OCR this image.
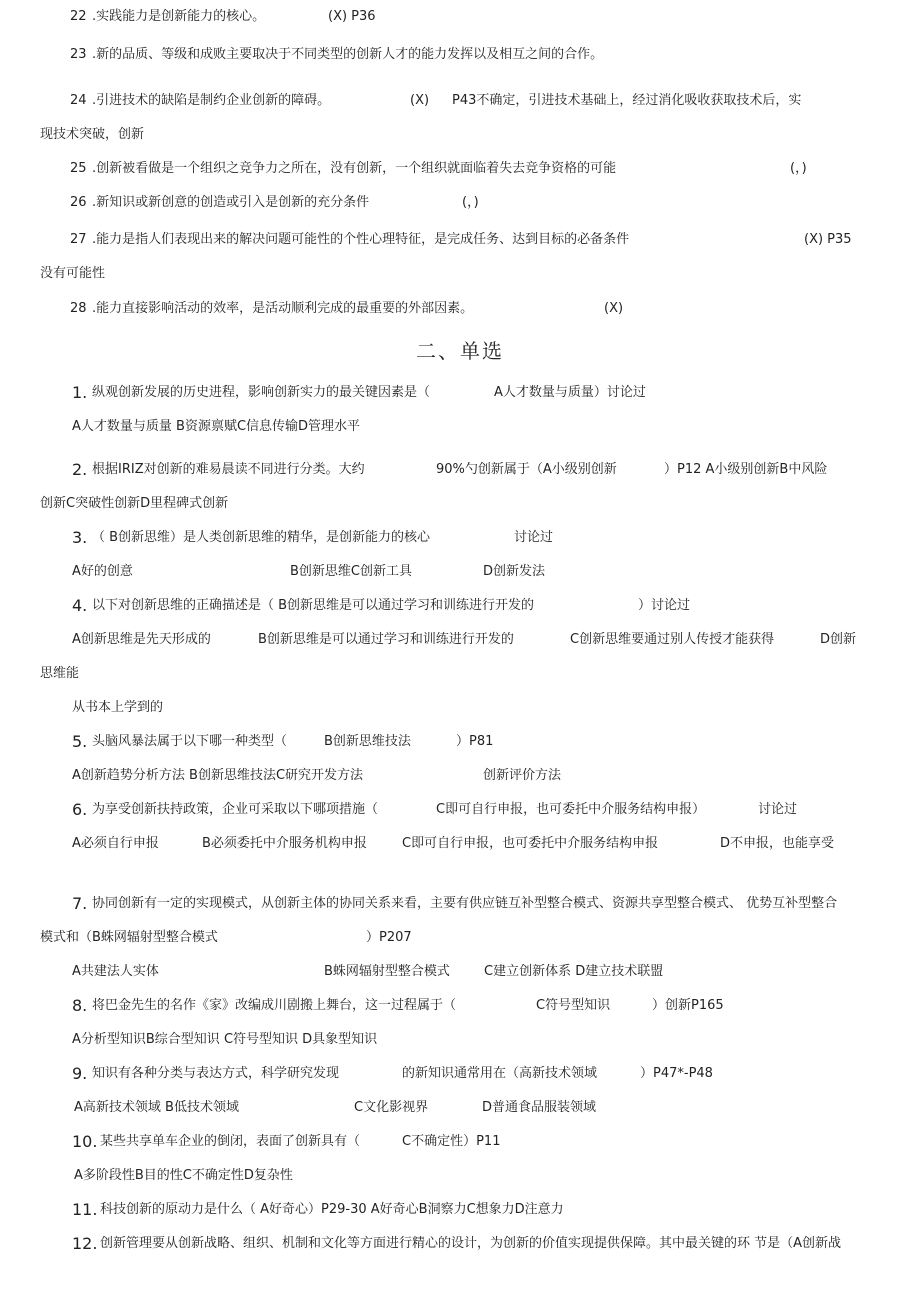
22 .实践能力是创新能力的核心。	(X) P36
23 .新的品质、等级和成败主要取决于不同类型的创新人才的能力发挥以及相互之间的合作。
24 .引进技术的缺陷是制约企业创新的障碍。	(X) P43不确定，引进技术基础上，经过消化吸收获取技术后，实
现技术突破，创新
25 .创新被看做是一个组织之竞争力之所在，没有创新，一个组织就面临着失去竞争资格的可能	(，)
26 .新知识或新创意的创造或引入是创新的充分条件	(，)
27 .能力是指人们表现出来的解决问题可能性的个性心理特征，是完成任务、达到目标的必备条件	(X) P35
没有可能性
28 .能力直接影响活动的效率，是活动顺利完成的最重要的外部因素。	(X)
二、单选
1. 纵观创新发展的历史进程，影响创新实力的最关键因素是（	A人才数量与质量）讨论过
A人才数量与质量 B资源禀赋C信息传输D管理水平
2. 根据IRIZ对创新的难易晨读不同进行分类。大约	90%勺创新属于（A小级别创新	）P12 A小级别创新B中风险
创新C突破性创新D里程碑式创新
3. （ B创新思维）是人类创新思维的精华，是创新能力的核心	讨论过
A好的创意	B创新思维C创新工具	D创新发法
4. 以下对创新思维的正确描述是（ B创新思维是可以通过学习和训练进行开发的	）讨论过
A创新思维是先天形成的	B创新思维是可以通过学习和训练进行开发的	C创新思维要通过别人传授才能获得	D创新
思维能
从书本上学到的
5. 头脑风暴法属于以下哪一种类型（	B创新思维技法	）P81
A创新趋势分析方法 B创新思维技法C研究开发方法	创新评价方法
6. 为享受创新扶持政策，企业可采取以下哪项措施（	C即可自行申报，也可委托中介服务结构申报）	讨论过
A必须自行申报	B必须委托中介服务机构申报	C即可自行申报，也可委托中介服务结构申报	D不申报，也能享受
7. 协同创新有一定的实现模式，从创新主体的协同关系来看，主要有供应链互补型整合模式、资源共享型整合模式、 优势互补型整合
模式和（B蛛网辐射型整合模式	）P207
A共建法人实体	B蛛网辐射型整合模式	C建立创新体系 D建立技术联盟
8. 将巴金先生的名作《家》改编成川剧搬上舞台，这一过程属于（	C符号型知识	）创新P165
A分析型知识B综合型知识 C符号型知识 D具象型知识
9. 知识有各种分类与表达方式，科学研究发现	的新知识通常用在（高新技术领域	）P47*-P48
A高新技术领域 B低技术领域	C文化影视界	D普通食品服装领域
10. 某些共享单车企业的倒闭，表面了创新具有（	C不确定性）P11
A多阶段性B目的性C不确定性D复杂性
11. 科技创新的原动力是什么（ A好奇心）P29-30 A好奇心B洞察力C想象力D注意力
12. 创新管理要从创新战略、组织、机制和文化等方面进行精心的设计，为创新的价值实现提供保障。其中最关键的环 节是（A创新战
